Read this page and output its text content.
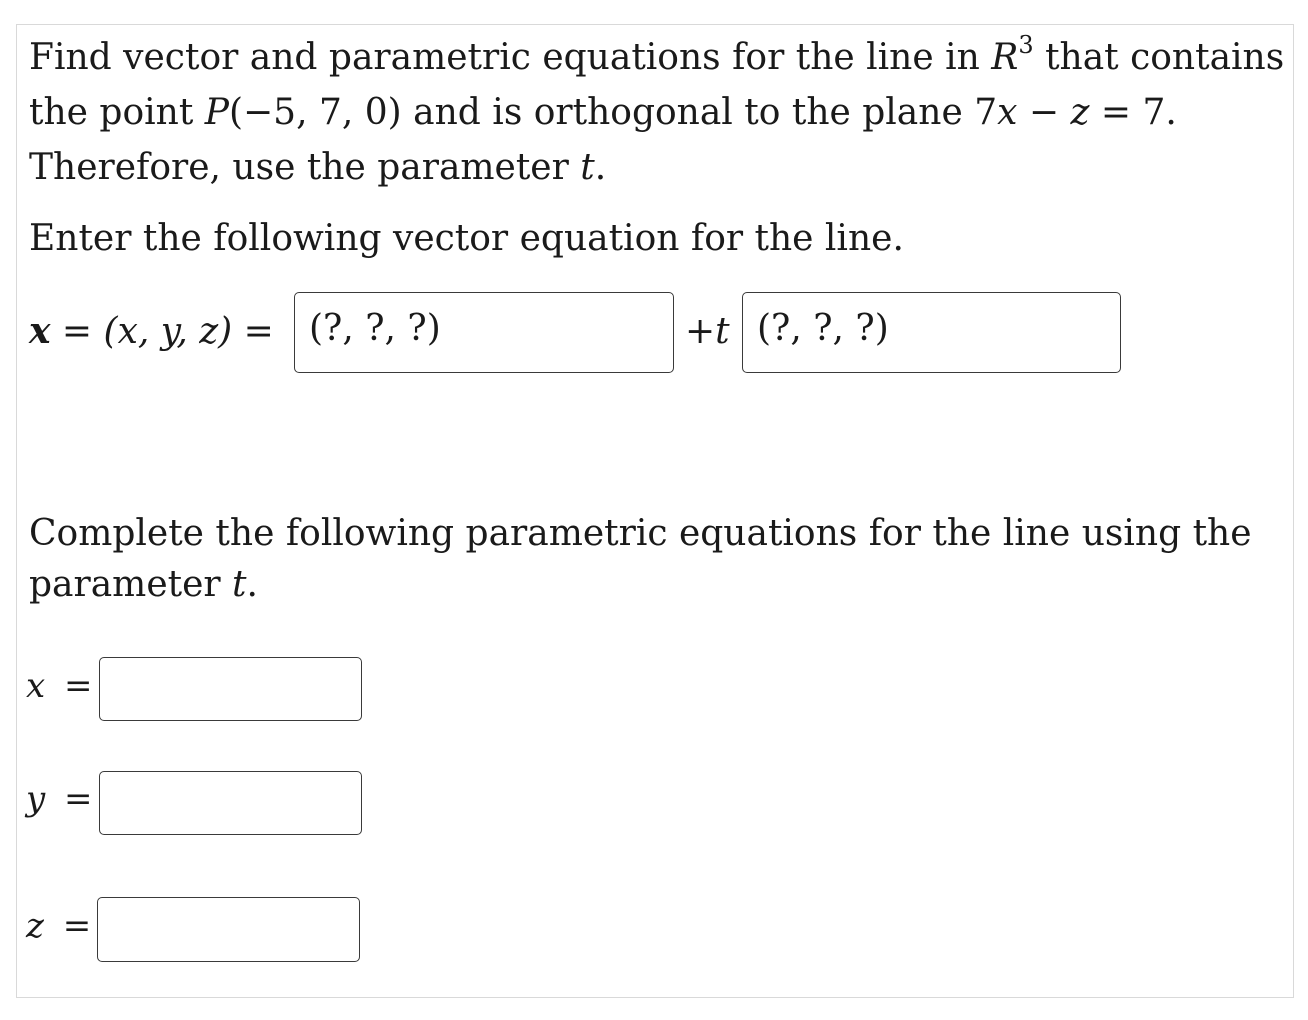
Find vector and parametric equations for the line in $R^3$ that contains
the point P(−5, 7, 0) and is orthogonal to the plane 7x − z = 7.
Therefore, use the parameter t.
Enter the following vector equation for the line.
x = (x, y, z) = (?, ?, ?)	+t (?, ?, ?)
Complete the following parametric equations for the line using the
parameter t.
x =
y =
z =
